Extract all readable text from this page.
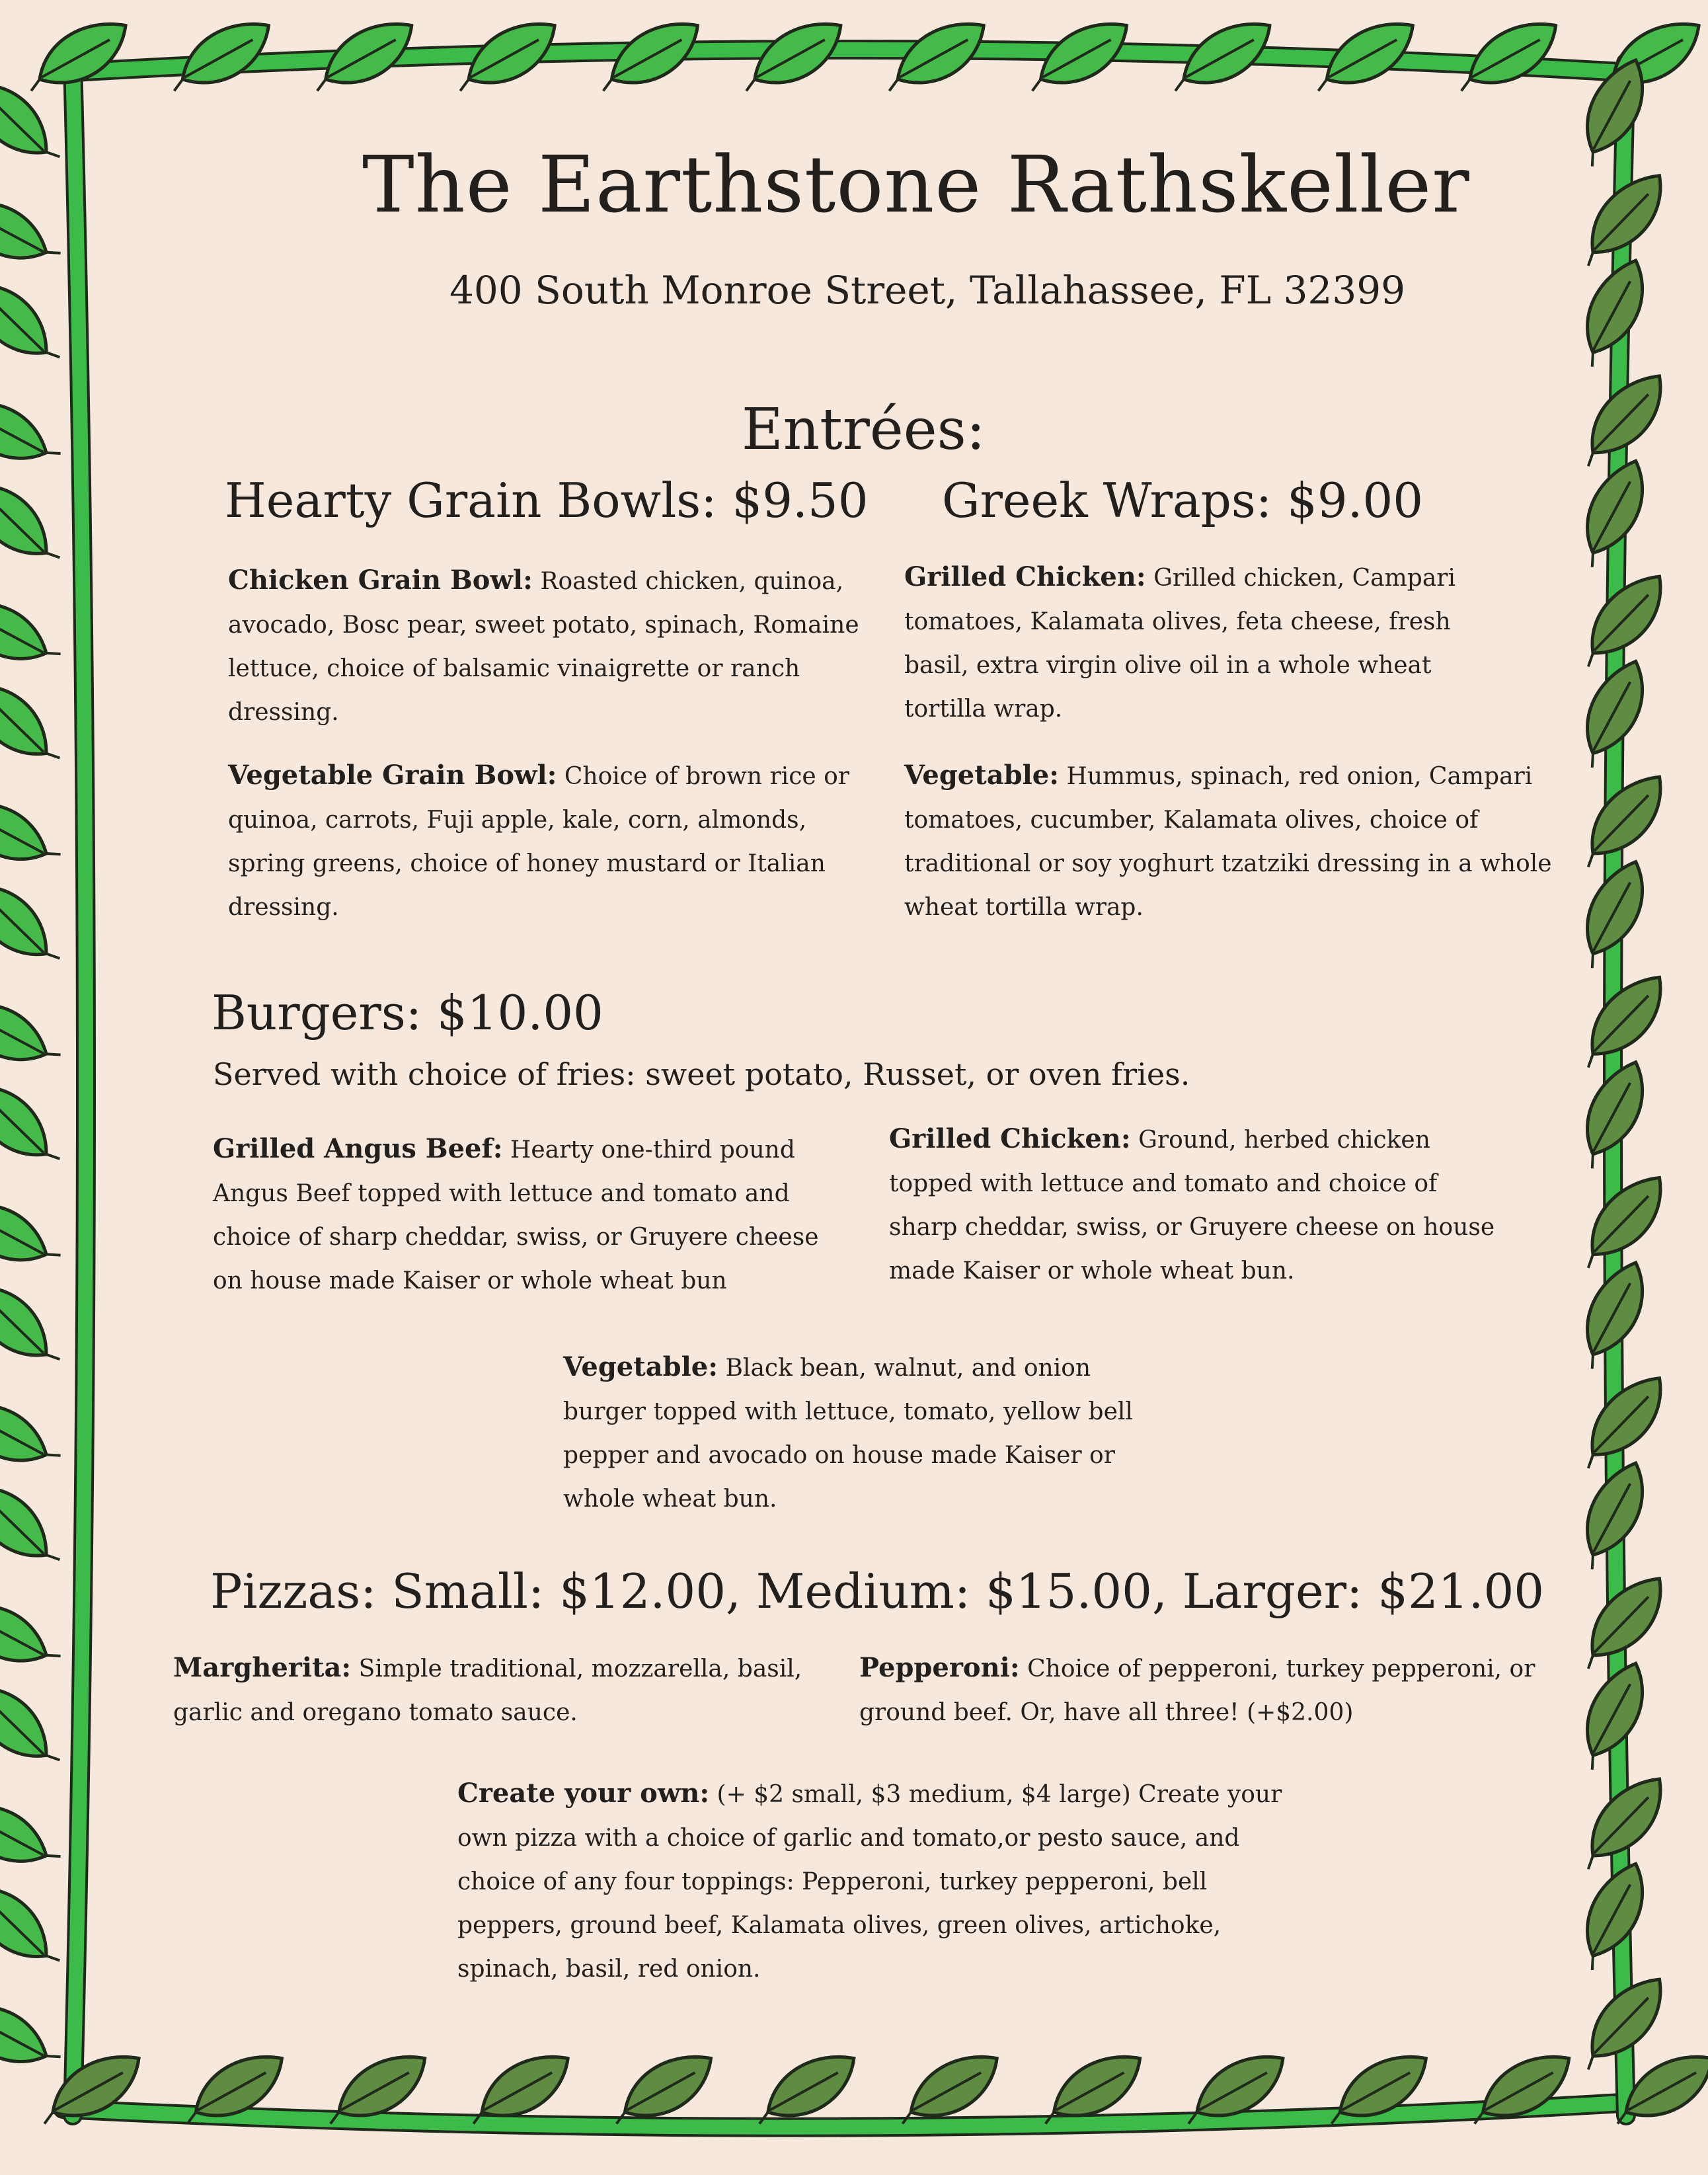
The Earthstone Rathskeller
400 South Monroe Street, Tallahassee, FL 32399
Entrées:
Hearty Grain Bowls: $9.50
Chicken Grain Bowl: Roasted chicken, quinoa, avocado, Bosc pear, sweet potato, spinach, Romaine lettuce, choice of balsamic vinaigrette or ranch dressing.
Vegetable Grain Bowl: Choice of brown rice or quinoa, carrots, Fuji apple, kale, corn, almonds, spring greens, choice of honey mustard or Italian dressing.
Greek Wraps: $9.00
Grilled Chicken: Grilled chicken, Campari tomatoes, Kalamata olives, feta cheese, fresh basil, extra virgin olive oil in a whole wheat tortilla wrap.
Vegetable: Hummus, spinach, red onion, Campari tomatoes, cucumber, Kalamata olives, choice of traditional or soy yoghurt tzatziki dressing in a whole wheat tortilla wrap.
Burgers: $10.00
Served with choice of fries: sweet potato, Russet, or oven fries.
Grilled Angus Beef: Hearty one-third pound Angus Beef topped with lettuce and tomato and choice of sharp cheddar, swiss, or Gruyere cheese on house made Kaiser or whole wheat bun
Grilled Chicken: Ground, herbed chicken topped with lettuce and tomato and choice of sharp cheddar, swiss, or Gruyere cheese on house made Kaiser or whole wheat bun.
Vegetable: Black bean, walnut, and onion burger topped with lettuce, tomato, yellow bell pepper and avocado on house made Kaiser or whole wheat bun.
Pizzas: Small: $12.00, Medium: $15.00, Larger: $21.00
Margherita: Simple traditional, mozzarella, basil, garlic and oregano tomato sauce.
Pepperoni: Choice of pepperoni, turkey pepperoni, or ground beef. Or, have all three! (+$2.00)
Create your own: (+ $2 small, $3 medium, $4 large) Create your own pizza with a choice of garlic and tomato,or pesto sauce, and choice of any four toppings: Pepperoni, turkey pepperoni, bell peppers, ground beef, Kalamata olives, green olives, artichoke, spinach, basil, red onion.
